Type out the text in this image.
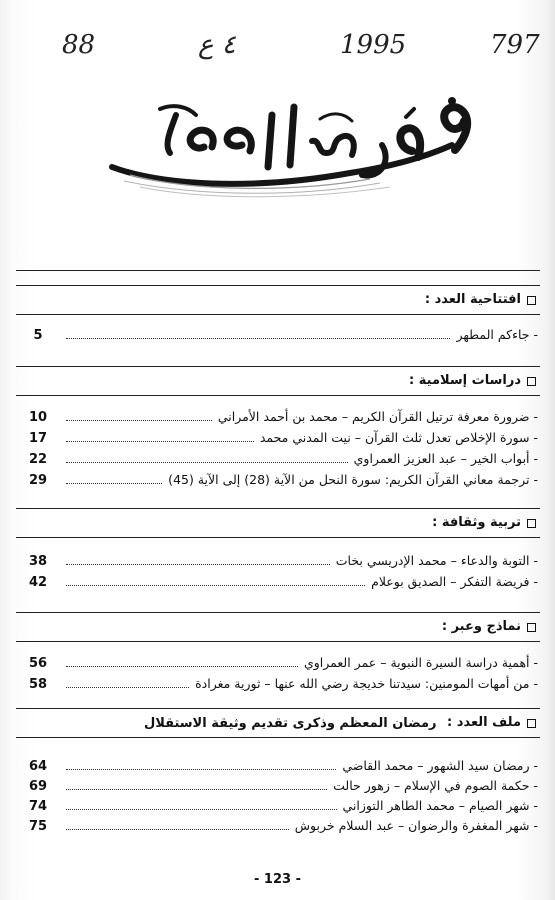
797
1995
٤ ع
88
افتتاحية العدد :
- جاءكم المطهر
5
دراسات إسلامية :
- ضرورة معرفة ترتيل القرآن الكريم – محمد بن أحمد الأمراني
10
- سورة الإخلاص تعدل ثلث القرآن – نيت المدني محمد
17
- أبواب الخير – عبد العزيز العمراوي
22
- ترجمة معاني القرآن الكريم: سورة النحل من الآية (28) إلى الآية (45)
29
تربية وثقافة :
- التوبة والدعاء – محمد الإدريسي بخات
38
- فريضة التفكر – الصديق بوعلام
42
نماذج وعبر :
- أهمية دراسة السيرة النبوية – عمر العمراوي
56
- من أمهات المومنين: سيدتنا خديجة رضي الله عنها – ثورية مغرادة
58
ملف العدد : رمضان المعظم وذكرى تقديم وثيقة الاستقلال
- رمضان سيد الشهور – محمد القاضي
64
- حكمة الصوم في الإسلام – زهور حالت
69
- شهر الصيام – محمد الطاهر التوزاني
74
- شهر المغفرة والرضوان – عبد السلام خربوش
75
- 123 -
